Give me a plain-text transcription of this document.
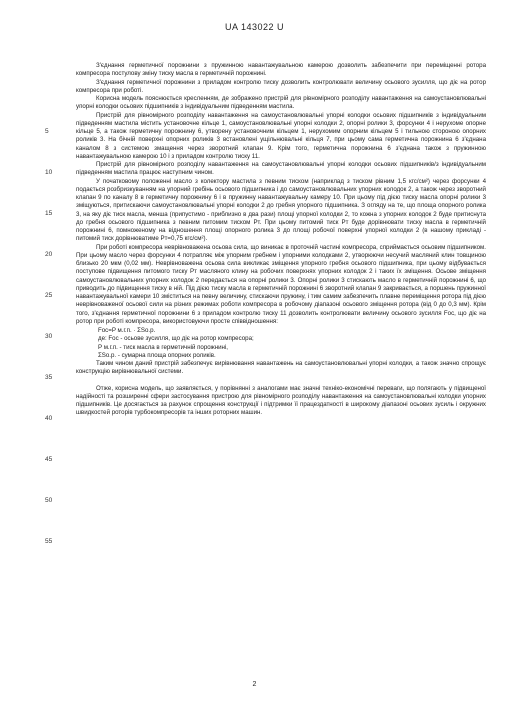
UA 143022 U
5
10
15
20
25
30
35
40
45
50
55

З'єднання герметичної порожнини з пружинною навантажувальною камерою дозволить забезпечити при переміщенні ротора компресора постулову зміну тиску масла в герметичній порожнині.

З'єднання герметичної порожнини з приладом контролю тиску дозволить контролювати величину осьового зусилля, що діє на ротор компресора при роботі.

Корисна модель пояснюється кресленням, де зображено пристрій для рівномірного розподілу навантаження на самоустановлювальні упорні колодки осьових підшипників з індивідуальним підведенням мастила.

Пристрій для рівномірного розподілу навантаження на самоустановлювальні упорні колодки осьових підшипників з індивідуальним підведенням мастила містить установочне кільце 1, самоустановлювальні упорні колодки 2, опорні ролики 3, форсунки 4 і нерухоме опорне кільце 5, а також герметичну порожнину 6, утворену установочним кільцем 1, нерухомим опорним кільцем 5 і тильною стороною опорних роликів 3. На бічній поверхні опорних роликів 3 встановлені ущільнювальні кільця 7, при цьому сама герметична порожнина 6 з'єднана каналом 8 з системою змащення через зворотний клапан 9. Крім того, герметична порожнина 6 з'єднана також з пружинною навантажувальною камерою 10 і з приладом контролю тиску 11.

Пристрій для рівномірного розподілу навантаження на самоустановлювальні упорні колодки осьових підшипників/з індивідуальним підведенням мастила працює наступним чином.

У початковому положенні масло з колектору мастила з певним тиском (наприклад з тиском рівним 1,5 кгс/см²) через форсунки 4 подається розбризкуванням на упорний гребінь осьового підшипника і до самоустановлювальних упорних колодок 2, а також через зворотний клапан 9 по каналу 8 в герметичну порожнину 6 і в пружинну навантажувальну камеру 10. При цьому під дією тиску масла опорні ролики 3 зміщуються, притискаючи самоустановлювальні упорні колодки 2 до гребня упорного підшипника. З огляду на те, що площа опорного ролика 3, на яку діє тиск масла, менша (припустимо - приблизно в два рази) площі упорної колодки 2, то кожна з упорних колодок 2 буде притиснута до гребня осьового підшипника з певним питомим тиском Pт. При цьому питомий тиск Pт буде дорівнювати тиску масла в герметичній порожнині 6, помноженому на відношення площі опорного ролика 3 до площі робочої поверхні упорної колодки 2 (в нашому прикладі - питомий тиск дорівнюватиме Pт=0,75 кгс/см²).

При роботі компресора неврівноважена осьова сила, що виникає в проточній частині компресора, сприймається осьовим підшипником. При цьому масло через форсунки 4 потрапляє між упорним гребнем і упорними колодками 2, утворюючи несучий масляний клин товщиною близько 20 мкм (0,02 мм). Неврівноважена осьова сила викликає зміщення упорного гребня осьового підшипника, при цьому відбувається поступове підвищення питомого тиску Pт масляного клину на робочих поверхнях упорних колодок 2 і таких їх зміщення. Осьове зміщення самоустановлювальних упорних колодок 2 передається на опорні ролики 3. Опорні ролики 3 стискають масло в герметичній порожнині 6, що приводить до підвищення тиску в ній. Під дією тиску масла в герметичній порожнині 6 зворотний клапан 9 закривається, а поршень пружинної навантажувальної камери 10 зміститься на певну величину, стискаючи пружину, і тим самим забезпечить плавне переміщення ротора під дією неврівноваженої осьової сили на різних режимах роботи компресора в робочому діапазоні осьового зміщення ротора (від 0 до 0,3 мм). Крім того, з'єднання герметичної порожнини 6 з приладом контролю тиску 11 дозволить контролювати величину осьового зусилля Fос, що діє на ротор при роботі компресора, використовуючи просте співвідношення:

Fос=P м.г.п. · ΣSо.р.

де: Fос - осьове зусилля, що діє на ротор компресора;

P м.г.п. - тиск масла в герметичній порожнині,

ΣSо.р. - сумарна площа опорних роликів.

Таким чином даний пристрій забезпечує вирівнювання навантажень на самоустановлювальні упорні колодки, а також значно спрощує конструкцію вирівнювальної системи.

Отже, корисна модель, що заявляється, у порівнянні з аналогами має значні техніко-економічні переваги, що полягають у підвищеної надійності та розширенні сфери застосування пристрою для рівномірного розподілу навантаження на самоустановлювальні колодки упорних підшипників. Це досягається за рахунок спрощення конструкції і підтримки її працездатності в широкому діапазоні осьових зусиль і окружних швидкостей роторів турбокомпресорів та інших роторних машин.

2
